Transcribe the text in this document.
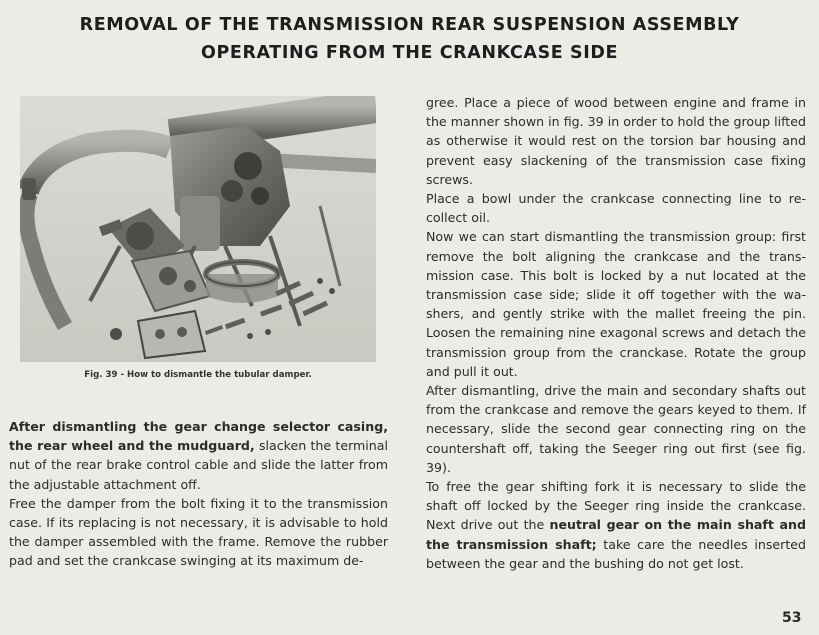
REMOVAL OF THE TRANSMISSION REAR SUSPENSION ASSEMBLY
OPERATING FROM THE CRANKCASE SIDE
Fig. 39 - How to dismantle the tubular damper.

After dismantling the gear change selector casing, the rear wheel and the mudguard, slacken the terminal nut of the rear brake control cable and slide the latter from the adjustable attachment off.

Free the damper from the bolt fixing it to the transmission case. If its replacing is not necessary, it is advisable to hold the damper assembled with the frame. Remove the rubber pad and set the crankcase swinging at its maximum de-

gree. Place a piece of wood between engine and frame in the manner shown in fig. 39 in order to hold the group lifted as otherwise it would rest on the torsion bar housing and prevent easy slackening of the transmission case fixing screws.

Place a bowl under the crankcase connecting line to re-collect oil.

Now we can start dismantling the transmission group: first remove the bolt aligning the crankcase and the trans-mission case. This bolt is locked by a nut located at the transmission case side; slide it off together with the wa-shers, and gently strike with the mallet freeing the pin. Loosen the remaining nine exagonal screws and detach the transmission group from the cranckase. Rotate the group and pull it out.

After dismantling, drive the main and secondary shafts out from the crankcase and remove the gears keyed to them. If necessary, slide the second gear connecting ring on the countershaft off, taking the Seeger ring out first (see fig. 39).

To free the gear shifting fork it is necessary to slide the shaft off locked by the Seeger ring inside the crankcase. Next drive out the neutral gear on the main shaft and the transmission shaft; take care the needles inserted between the gear and the bushing do not get lost.

53
